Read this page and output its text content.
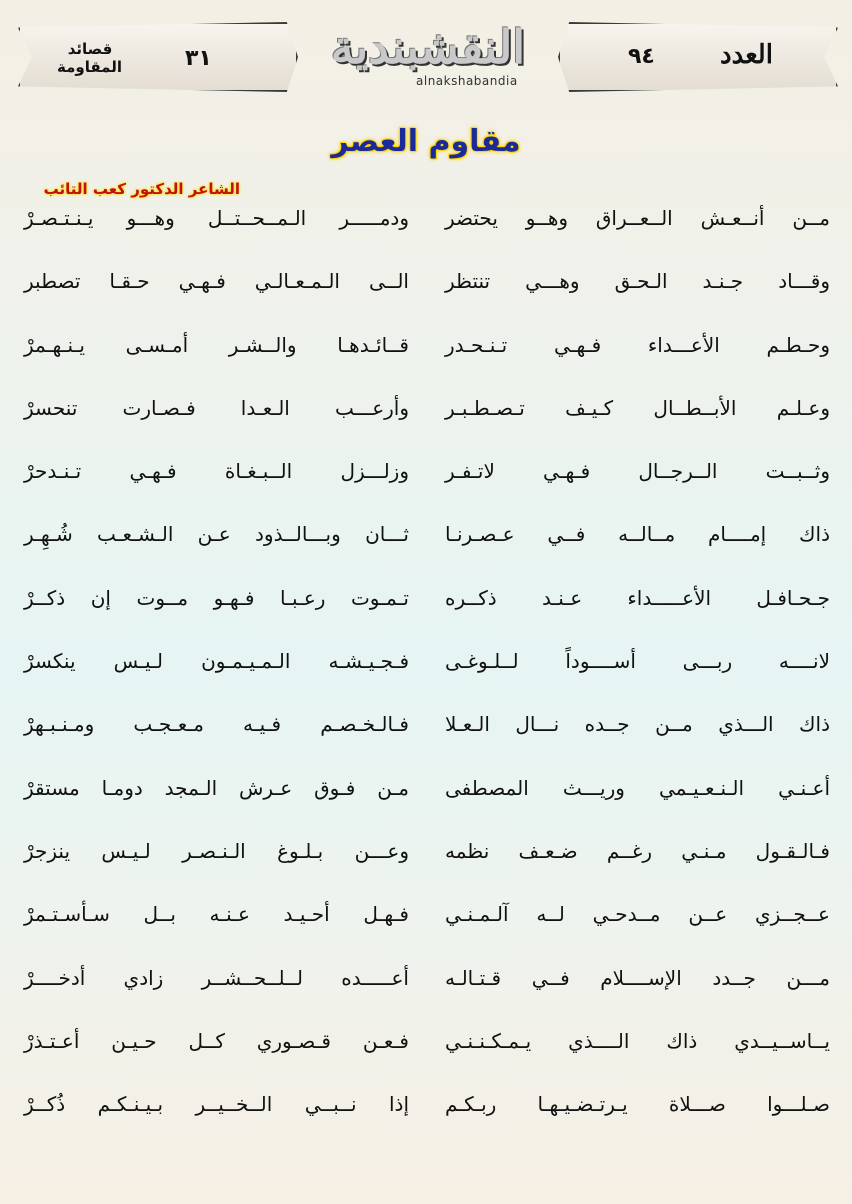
العدد
٩٤
٣١
قصائد المقاومة	النقشبندية
alnakshabandia
مقاوم العصر
الشاعر الدكتور كعب التائب
مــن أنــعـش الــعــراق وهــو يحتضر
ودمـــــر الـمــحــتــل وهـــو يـنـتـصـرْ
وقـــاد جـنـد الـحـق وهـــي تنتظر
الــى الـمـعـالـي فـهـي حـقـا تصطبر
وحـطـم الأعـــداء فـهـي تـنـحـدر
قــائـدهـا والــشـر أمـسـى يـنـهـمرْ
وعـلـم الأبــطــال كـيـف تـصـطـبـر
وأرعـــب الـعـدا فـصـارت تنحسرْ
وثــبــت الــرجــال فـهـي لاتـفـر
وزلـــزل الــبـغـاة فـهـي تـنـدحرْ
ذاك إمــــام مــالــه فــي عـصـرنـا
ثـــان وبـــالــذود عـن الـشـعـب شُـهِـر
جـحـافـل الأعـــــداء عـنـد ذكــره
تـمـوت رعـبـا فـهـو مــوت إن ذكــرْ
لانــــه ربـــى أســــوداً لــلـوغـى
فـجـيـشـه الـمـيـمـون لـيـس ينكسرْ
ذاك الـــذي مــن جــده نـــال الـعـلا
فـالـخـصـم فـيـه مـعـجـب ومـنـبـهرْ
أعـنـي الـنـعـيـمي وريـــث المصطفى
مـن فـوق عـرش الـمجد دومـا مستقرْ
فـالـقـول مـنـي رغــم ضـعـف نظمه
وعـــن بـلـوغ الـنـصـر لـيـس ينزجرْ
عــجــزي عــن مــدحـي لــه آلـمـنـي
فـهـل أحـيـد عـنـه بــل سـأسـتـمرْ
مـــن جــدد الإســــلام فــي قـتـالـه
أعـــــده لــلــحــشــر زادي أدخــــرْ
يــاســيــدي ذاك الــــذي يـمـكـنـنـي
فـعـن قـصـوري كــل حـيـن أعـتـذرْ
صـلـــوا صـــلاة يـرتـضـيـهـا ربـكـم
إذا نــبــي الــخــيــر بـيـنـكـم ذُكــرْ
